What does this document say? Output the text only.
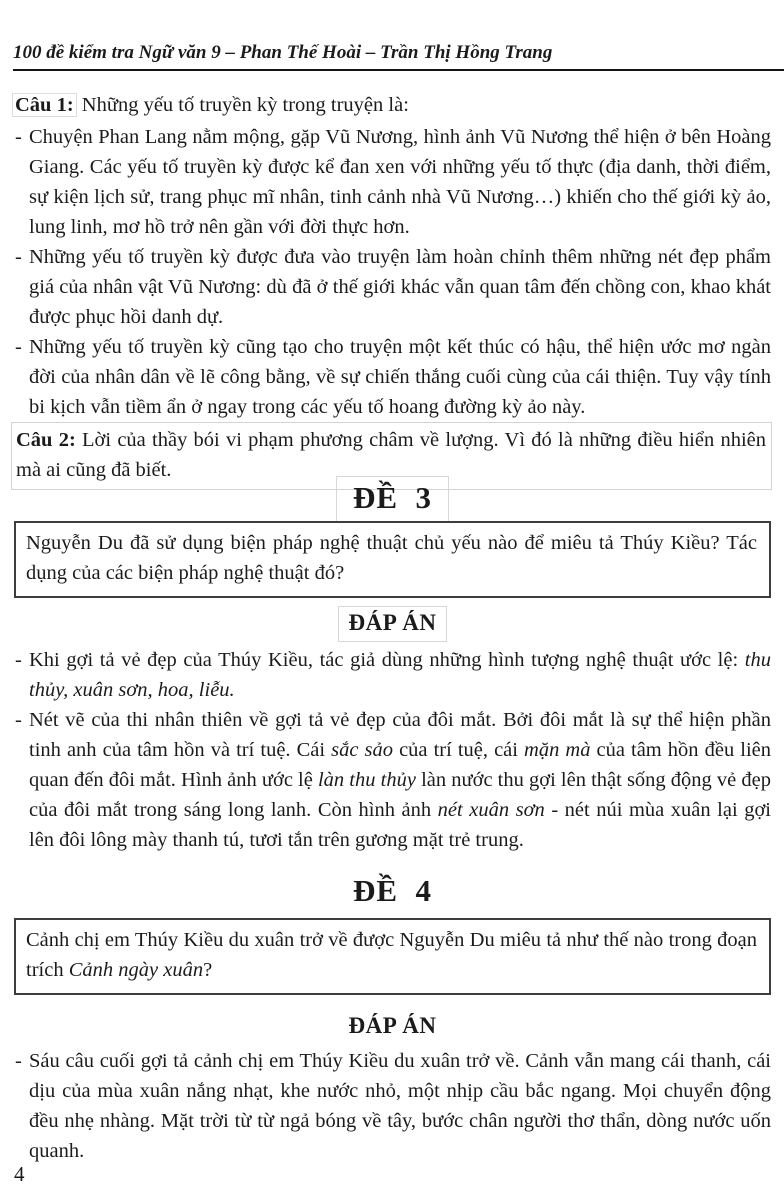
100 đề kiểm tra Ngữ văn 9 – Phan Thế Hoài – Trần Thị Hồng Trang
Câu 1: Những yếu tố truyền kỳ trong truyện là:
- Chuyện Phan Lang nằm mộng, gặp Vũ Nương, hình ảnh Vũ Nương thể hiện ở bên Hoàng Giang. Các yếu tố truyền kỳ được kể đan xen với những yếu tố thực (địa danh, thời điểm, sự kiện lịch sử, trang phục mĩ nhân, tinh cảnh nhà Vũ Nương…) khiến cho thế giới kỳ ảo, lung linh, mơ hồ trở nên gần với đời thực hơn.
- Những yếu tố truyền kỳ được đưa vào truyện làm hoàn chỉnh thêm những nét đẹp phẩm giá của nhân vật Vũ Nương: dù đã ở thế giới khác vẫn quan tâm đến chồng con, khao khát được phục hồi danh dự.
- Những yếu tố truyền kỳ cũng tạo cho truyện một kết thúc có hậu, thể hiện ước mơ ngàn đời của nhân dân về lẽ công bằng, về sự chiến thắng cuối cùng của cái thiện. Tuy vậy tính bi kịch vẫn tiềm ẩn ở ngay trong các yếu tố hoang đường kỳ ảo này.
Câu 2: Lời của thầy bói vi phạm phương châm về lượng. Vì đó là những điều hiển nhiên mà ai cũng đã biết.
ĐỀ  3
Nguyễn Du đã sử dụng biện pháp nghệ thuật chủ yếu nào để miêu tả Thúy Kiều? Tác dụng của các biện pháp nghệ thuật đó?
ĐÁP ÁN
- Khi gợi tả vẻ đẹp của Thúy Kiều, tác giả dùng những hình tượng nghệ thuật ước lệ: thu thủy, xuân sơn, hoa, liễu.
- Nét vẽ của thi nhân thiên về gợi tả vẻ đẹp của đôi mắt. Bởi đôi mắt là sự thể hiện phần tinh anh của tâm hồn và trí tuệ. Cái sắc sảo của trí tuệ, cái mặn mà của tâm hồn đều liên quan đến đôi mắt. Hình ảnh ước lệ làn thu thủy làn nước thu gợi lên thật sống động vẻ đẹp của đôi mắt trong sáng long lanh. Còn hình ảnh nét xuân sơn - nét núi mùa xuân lại gợi lên đôi lông mày thanh tú, tươi tắn trên gương mặt trẻ trung.
ĐỀ  4
Cảnh chị em Thúy Kiều du xuân trở về được Nguyễn Du miêu tả như thế nào trong đoạn trích Cảnh ngày xuân?
ĐÁP ÁN
- Sáu câu cuối gợi tả cảnh chị em Thúy Kiều du xuân trở về. Cảnh vẫn mang cái thanh, cái dịu của mùa xuân nắng nhạt, khe nước nhỏ, một nhịp cầu bắc ngang. Mọi chuyển động đều nhẹ nhàng. Mặt trời từ từ ngả bóng về tây, bước chân người thơ thẩn, dòng nước uốn quanh.
4
